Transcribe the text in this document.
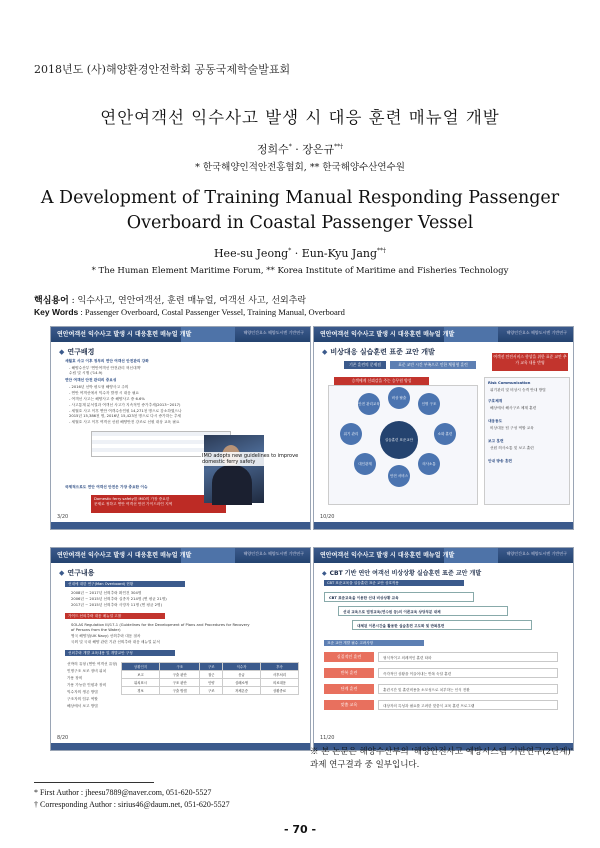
2018년도 (사)해양환경안전학회 공동국제학술발표회
연안여객선 익수사고 발생 시 대응 훈련 매뉴얼 개발
정희수* · 장은규**†
* 한국해양인적안전홍협회, ** 한국해양수산연수원
A Development of Training Manual Responding Passenger Overboard in Coastal Passenger Vessel
Hee-su Jeong* · Eun-Kyu Jang**†
* The Human Element Maritime Forum, ** Korea Institute of Maritime and Fisheries Technology
핵심용어 : 익수사고, 연안여객선, 훈련 매뉴얼, 여객선 사고, 선외추락
Key Words : Passenger Overboard, Costal Passenger Vessel, Training Manual, Overboard
연안여객선 익수사고 발생 시 대응훈련 매뉴얼 개발	해양인간요소 해양도시엔 기반연구
◆ 연구배경
세월호 사고 이후 정부의 연안 여객선 안전관리 강화
- 해양수산부 '연안여객선 안전관리 혁신대책'
수립 및 시행 ('14.9)
연안 여객선 안전 관리의 중요성
- 2016년 선박 평도형 해양사고 주의
- 연안 여객선에서 익수자 발생 시 대응 필요
- 여객선 사고는 해양사고 중 해양사고 중 6.6%
- 사고통계 분석결과 여객선 사고가 지속적인 증가추세(2013~2017)
- 세월호 사고 이후 연안 여객수송인원 14,271천 명으로 감소하였으나
2015년 15,386천 명, 2016년 15,423천 명으로 다시 증가하는 추세
- 세월호 사고 이후 여객선 선원 해양안전 강조로 선원 대상 교육 필요
국제적으로도 연안 여객선 안전은 가장 중요한 이슈
Domestic ferry safety를 IMO의 가장 중요한
문제로 정하고 연안 여객선 안전 가이드라인 지역
IMO adopts new guidelines to improve domestic ferry safety
3/20
연안여객선 익수사고 발생 시 대응훈련 매뉴얼 개발	해양인간요소 해양도시엔 기반연구
◆ 비상대응 실습훈련 표준 교안 개발
기존 훈련의 문제점	표준 교안 시간 부족으로 인한 체험형 훈련
승객에게 신뢰감을 주는 승무원 양성
여객선 안전서비스 향상을 위한 표준 교안 추가 교육 내용 반영
안전 관리교육
비상 탈출
인명 구조
소화 훈련
의사소통
안전 서비스
대인관계
위기 관리
실습훈련 표준교안
Risk Communication
위기관리 및 비상시 승객 안내 방법
구호체계
해상에서 해사구조 체계 훈련
대응동도
비상대응 팀 구성 역할 교육
보고 훈련
선원 의사소통 및 보고 훈련
안내 방송 훈련
10/20
연안여객선 익수사고 발생 시 대응훈련 매뉴얼 개발	해양인간요소 해양도시엔 기반연구
◆ 연구내용
선내에 대한 연구(Man Overboard) 현황
2008년 ~ 2017년 선외추락 확인건 304명
2006년 ~ 2015년 선외추락 실종자 214명 (연 평균 21명)
2017년 ~ 2015년 선외추락 사망자 11명 (연 평균 2명)
가이드 선외추락 대응 매뉴얼 고찰
SOLAS Regulation III/17-1 (Guidelines for the Development of Plans and Procedures for Recovery of Persons from the Water)
영국 해양청(UK Navy) 선외추락 대응 절차
국외 및 국내 해양 관련 기관 선외추락 대응 매뉴얼 분석
선외추락 개발 교육내용 및 개발교안 구성
선박의 유형 (연안 여객선 유형)
인명구조 보조 장비 위치
가용 장비
가용 가능한 인원과 장비
익수자의 생존 방법
구조자의 임무 역할
해상에서 보고 방법
상황인지	구조	구조	익수자	후속
보고	구출 판단	접근	응급	사후처리
위치표시	구조 판단	인양	심폐소생	의료대응
경보	구출 방법	구조	저체온증	상황종료
8/20
연안여객선 익수사고 발생 시 대응훈련 매뉴얼 개발	해양인간요소 해양도시엔 기반연구
◆ CBT 기반 연안 여객선 비상상황 실습훈련 표준 교안 개발
CBT 표준교육을 실습훈련 표준 교안 상호작용
CBT 표준교육을 이용한 선내 비상상황 교육
선내 교육으로 법정교육(연수원 등)의 이론교육 상당부분 대체
대체된 이론시간을 활용한 실습훈련 고도화 및 반복훈련
표준 교안 개발 필수 고려사항
실질적인 훈련	형식적이고 의례적인 훈련 타파
반복 훈련	즉각적인 상황을 이끌어내는 반복 숙달 훈련
단계 훈련	훈련시간 및 훈련비용을 소모성으로 치부하는 인식 전환
맞춤 교육	대상자의 특성과 필요를 고려한 맞춤식 교육 훈련 프로그램
11/20
※ 본 논문은 해양수산부의 '해양안전사고 예방시스템 기반연구(2단계)' 과제 연구결과 중 일부입니다.
* First Author : jheesu7889@naver.com, 051-620-5527
† Corresponding Author : sirius46@daum.net, 051-620-5527
- 70 -
